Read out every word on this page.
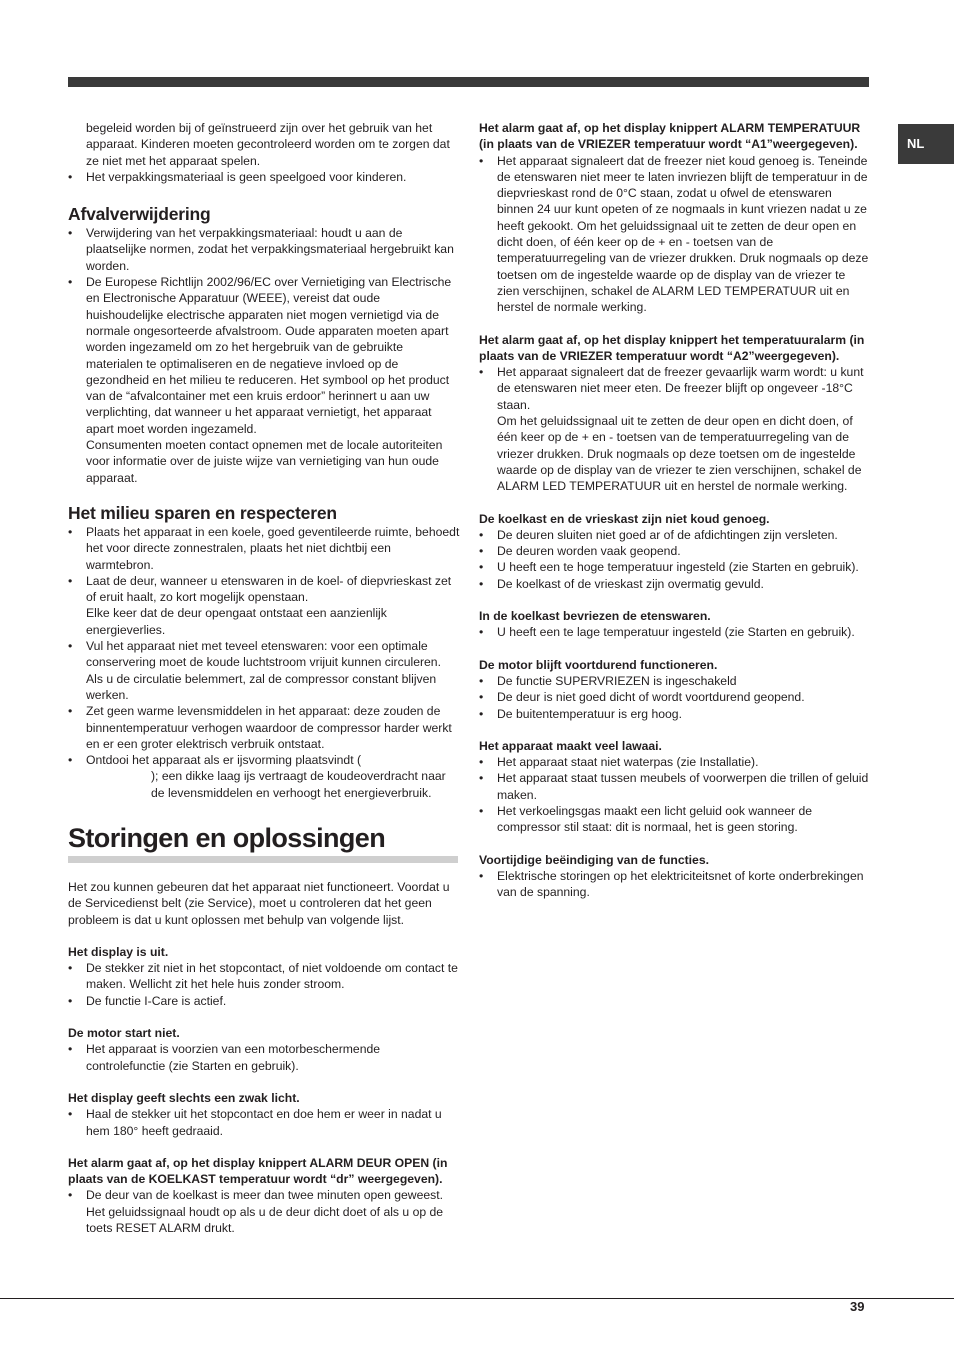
NL
begeleid worden bij of geïnstrueerd zijn over het gebruik van het apparaat. Kinderen moeten gecontroleerd worden om te zorgen dat ze niet met het apparaat spelen.
• Het verpakkingsmateriaal is geen speelgoed voor kinderen.
Afvalverwijdering
• Verwijdering van het verpakkingsmateriaal: houdt u aan de plaatselijke normen, zodat het verpakkingsmateriaal hergebruikt kan worden.
• De Europese Richtlijn 2002/96/EC over Vernietiging van Electrische en Electronische Apparatuur (WEEE), vereist dat oude huishoudelijke electrische apparaten niet mogen vernietigd via de normale ongesorteerde afvalstroom. Oude apparaten moeten apart worden ingezameld om zo het hergebruik van de gebruikte materialen te optimaliseren en de negatieve invloed op de gezondheid en het milieu te reduceren. Het symbool op het product van de “afvalcontainer met een kruis erdoor” herinnert u aan uw verplichting, dat wanneer u het apparaat vernietigt, het apparaat apart moet worden ingezameld.
Consumenten moeten contact opnemen met de locale autoriteiten voor informatie over de juiste wijze van vernietiging van hun oude apparaat.
Het milieu sparen en respecteren
• Plaats het apparaat in een koele, goed geventileerde ruimte, behoedt het voor directe zonnestralen, plaats het niet dichtbij een warmtebron.
• Laat de deur, wanneer u etenswaren in de koel- of diepvrieskast zet of eruit haalt, zo kort mogelijk openstaan.
Elke keer dat de deur opengaat ontstaat een aanzienlijk energieverlies.
• Vul het apparaat niet met teveel etenswaren: voor een optimale conservering moet de koude luchtstroom vrijuit kunnen circuleren. Als u de circulatie belemmert, zal de compressor constant blijven werken.
• Zet geen warme levensmiddelen in het apparaat: deze zouden de binnentemperatuur verhogen waardoor de compressor harder werkt en er een groter elektrisch verbruik ontstaat.
• Ontdooi het apparaat als er ijsvorming plaatsvindt (
); een dikke laag ijs vertraagt de koudeoverdracht naar de levensmiddelen en verhoogt het energieverbruik.
Storingen en oplossingen

Het zou kunnen gebeuren dat het apparaat niet functioneert. Voordat u de Servicedienst belt (zie Service), moet u controleren dat het geen probleem is dat u kunt oplossen met behulp van volgende lijst.

Het display is uit.

• De stekker zit niet in het stopcontact, of niet voldoende om contact te maken. Wellicht zit het hele huis zonder stroom.
• De functie I-Care is actief.

De motor start niet.

• Het apparaat is voorzien van een motorbeschermende controlefunctie (zie Starten en gebruik).

Het display geeft slechts een zwak licht.

• Haal de stekker uit het stopcontact en doe hem er weer in nadat u hem 180° heeft gedraaid.

Het alarm gaat af, op het display knippert ALARM DEUR OPEN (in plaats van de KOELKAST temperatuur wordt “dr” weergegeven).

• De deur van de koelkast is meer dan twee minuten open geweest. Het geluidssignaal houdt op als u de deur dicht doet of als u op de toets RESET ALARM drukt.

Het alarm gaat af, op het display knippert ALARM TEMPERATUUR (in plaats van de VRIEZER temperatuur wordt “A1”weergegeven).

• Het apparaat signaleert dat de freezer niet koud genoeg is. Teneinde de etenswaren niet meer te laten invriezen blijft de temperatuur in de diepvrieskast rond de 0°C staan, zodat u ofwel de etenswaren binnen 24 uur kunt opeten of ze nogmaals in kunt vriezen nadat u ze heeft gekookt. Om het geluidssignaal uit te zetten de deur open en dicht doen, of één keer op de + en - toetsen van de temperatuurregeling van de vriezer drukken. Druk nogmaals op deze toetsen om de ingestelde waarde op de display van de vriezer te zien verschijnen, schakel de ALARM LED TEMPERATUUR uit en herstel de normale werking.

Het alarm gaat af, op het display knippert het temperatuuralarm (in plaats van de VRIEZER temperatuur wordt “A2”weergegeven).

• Het apparaat signaleert dat de freezer gevaarlijk warm wordt: u kunt de etenswaren niet meer eten. De freezer blijft op ongeveer -18°C staan.
Om het geluidssignaal uit te zetten de deur open en dicht doen, of één keer op de + en - toetsen van de temperatuurregeling van de vriezer drukken. Druk nogmaals op deze toetsen om de ingestelde waarde op de display van de vriezer te zien verschijnen, schakel de ALARM LED TEMPERATUUR uit en herstel de normale werking.

De koelkast en de vrieskast zijn niet koud genoeg.

• De deuren sluiten niet goed ar of de afdichtingen zijn versleten.
• De deuren worden vaak geopend.
• U heeft een te hoge temperatuur ingesteld (zie Starten en gebruik).
• De koelkast of de vrieskast zijn overmatig gevuld.

In de koelkast bevriezen de etenswaren.

• U heeft een te lage temperatuur ingesteld (zie Starten en gebruik).

De motor blijft voortdurend functioneren.

• De functie SUPERVRIEZEN is ingeschakeld
• De deur is niet goed dicht of wordt voortdurend geopend.
• De buitentemperatuur is erg hoog.

Het apparaat maakt veel lawaai.

• Het apparaat staat niet waterpas (zie Installatie).
• Het apparaat staat tussen meubels of voorwerpen die trillen of geluid maken.
• Het verkoelingsgas maakt een licht geluid ook wanneer de compressor stil staat: dit is normaal, het is geen storing.

Voortijdige beëindiging van de functies.

• Elektrische storingen op het elektriciteitsnet of korte onderbrekingen van de spanning.
39
